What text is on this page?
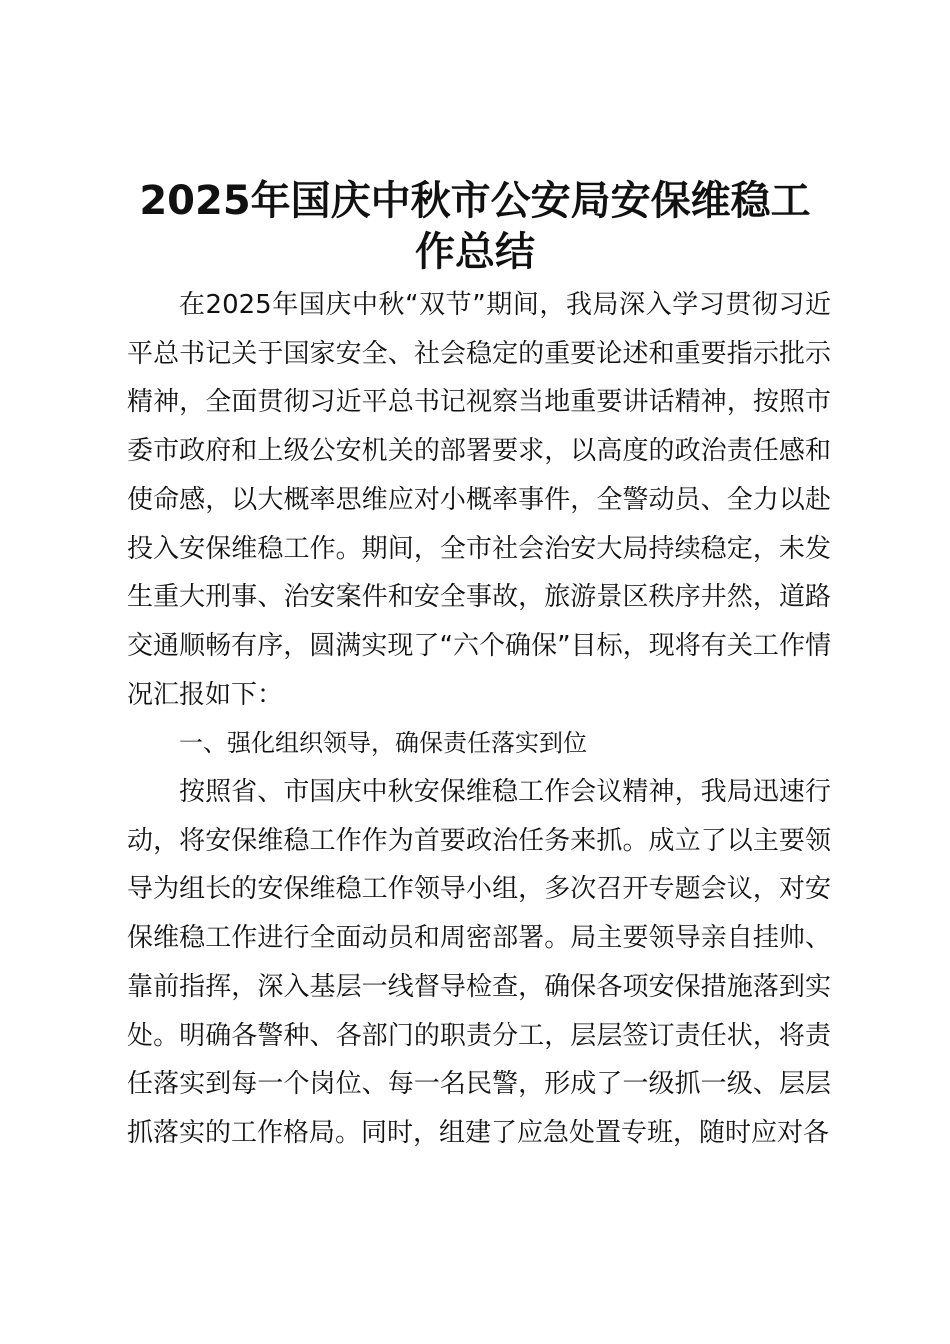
2025年国庆中秋市公安局安保维稳工作总结

在2025年国庆中秋“双节”期间，我局深入学习贯彻习近平总书记关于国家安全、社会稳定的重要论述和重要指示批示精神，全面贯彻习近平总书记视察当地重要讲话精神，按照市委市政府和上级公安机关的部署要求，以高度的政治责任感和使命感，以大概率思维应对小概率事件，全警动员、全力以赴投入安保维稳工作。期间，全市社会治安大局持续稳定，未发生重大刑事、治安案件和安全事故，旅游景区秩序井然，道路交通顺畅有序，圆满实现了“六个确保”目标，现将有关工作情况汇报如下：

一、强化组织领导，确保责任落实到位

按照省、市国庆中秋安保维稳工作会议精神，我局迅速行动，将安保维稳工作作为首要政治任务来抓。成立了以主要领导为组长的安保维稳工作领导小组，多次召开专题会议，对安保维稳工作进行全面动员和周密部署。局主要领导亲自挂帅、靠前指挥，深入基层一线督导检查，确保各项安保措施落到实处。明确各警种、各部门的职责分工，层层签订责任状，将责任落实到每一个岗位、每一名民警，形成了一级抓一级、层层抓落实的工作格局。同时，组建了应急处置专班，随时应对各
